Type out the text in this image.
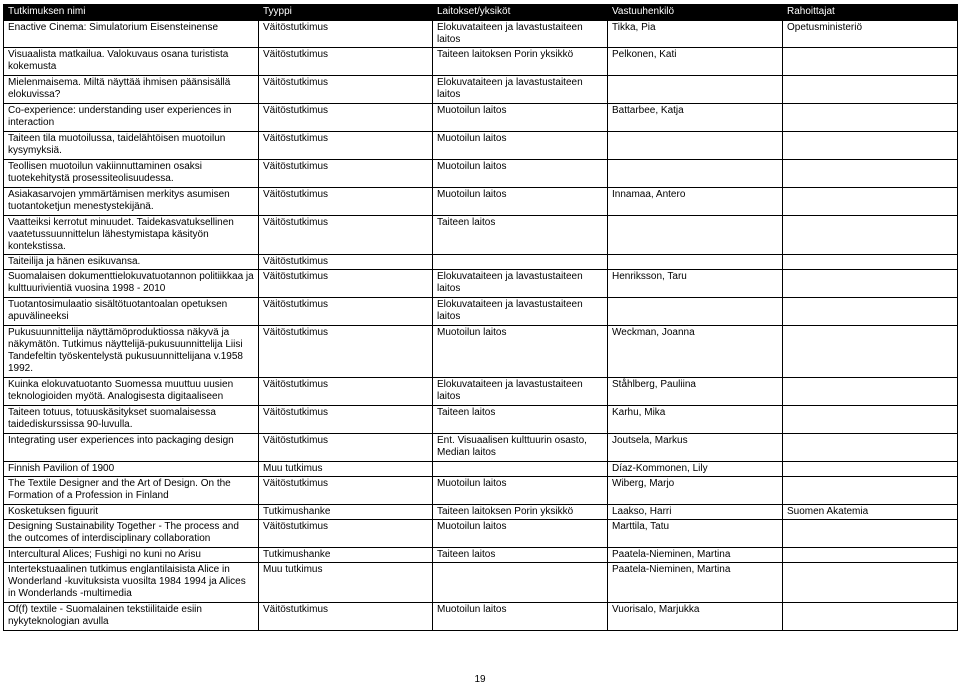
Tutkimuksen nimi	Tyyppi	Laitokset/yksiköt	Vastuuhenkilö	Rahoittajat
Enactive Cinema: Simulatorium Eisensteinense	Väitöstutkimus	Elokuvataiteen ja lavastustaiteen laitos	Tikka, Pia	Opetusministeriö
Visuaalista matkailua. Valokuvaus osana turistista kokemusta	Väitöstutkimus	Taiteen laitoksen Porin yksikkö	Pelkonen, Kati	
Mielenmaisema. Miltä näyttää ihmisen päänsisällä elokuvissa?	Väitöstutkimus	Elokuvataiteen ja lavastustaiteen laitos		
Co-experience: understanding user experiences in interaction	Väitöstutkimus	Muotoilun laitos	Battarbee, Katja	
Taiteen tila muotoilussa, taidelähtöisen muotoilun kysymyksiä.	Väitöstutkimus	Muotoilun laitos		
Teollisen muotoilun vakiinnuttaminen osaksi tuotekehitystä prosessiteolisuudessa.	Väitöstutkimus	Muotoilun laitos		
Asiakasarvojen ymmärtämisen merkitys asumisen tuotantoketjun menestystekijänä.	Väitöstutkimus	Muotoilun laitos	Innamaa, Antero	
Vaatteiksi kerrotut minuudet. Taidekasvatuksellinen vaatetussuunnittelun lähestymistapa käsityön kontekstissa.	Väitöstutkimus	Taiteen laitos		
Taiteilija ja hänen esikuvansa.	Väitöstutkimus			
Suomalaisen dokumenttielokuvatuotannon politiikkaa ja kulttuurivientiä vuosina 1998 - 2010	Väitöstutkimus	Elokuvataiteen ja lavastustaiteen laitos	Henriksson, Taru	
Tuotantosimulaatio sisältötuotantoalan opetuksen apuvälineeksi	Väitöstutkimus	Elokuvataiteen ja lavastustaiteen laitos		
Pukusuunnittelija näyttämöproduktiossa näkyvä ja näkymätön. Tutkimus näyttelijä-pukusuunnittelija Liisi Tandefeltin työskentelystä pukusuunnittelijana v.1958 1992.	Väitöstutkimus	Muotoilun laitos	Weckman, Joanna	
Kuinka elokuvatuotanto Suomessa muuttuu uusien teknologioiden myötä. Analogisesta digitaaliseen	Väitöstutkimus	Elokuvataiteen ja lavastustaiteen laitos	Ståhlberg, Pauliina	
Taiteen totuus, totuuskäsitykset suomalaisessa taidediskurssissa 90-luvulla.	Väitöstutkimus	Taiteen laitos	Karhu, Mika	
Integrating user experiences into packaging design	Väitöstutkimus	Ent. Visuaalisen kulttuurin osasto, Median laitos	Joutsela, Markus	
Finnish Pavilion of 1900	Muu tutkimus		Díaz-Kommonen, Lily	
The Textile Designer and the Art of Design. On the Formation of a Profession in Finland	Väitöstutkimus	Muotoilun laitos	Wiberg, Marjo	
Kosketuksen figuurit	Tutkimushanke	Taiteen laitoksen Porin yksikkö	Laakso, Harri	Suomen Akatemia
Designing Sustainability Together - The process and the outcomes of interdisciplinary collaboration	Väitöstutkimus	Muotoilun laitos	Marttila, Tatu	
Intercultural Alices; Fushigi no kuni no Arisu	Tutkimushanke	Taiteen laitos	Paatela-Nieminen, Martina	
Intertekstuaalinen tutkimus englantilaisista Alice in Wonderland -kuvituksista vuosilta 1984 1994 ja Alices in Wonderlands -multimedia	Muu tutkimus		Paatela-Nieminen, Martina	
Of(f) textile - Suomalainen tekstiilitaide esiin nykyteknologian avulla	Väitöstutkimus	Muotoilun laitos	Vuorisalo, Marjukka	
19
